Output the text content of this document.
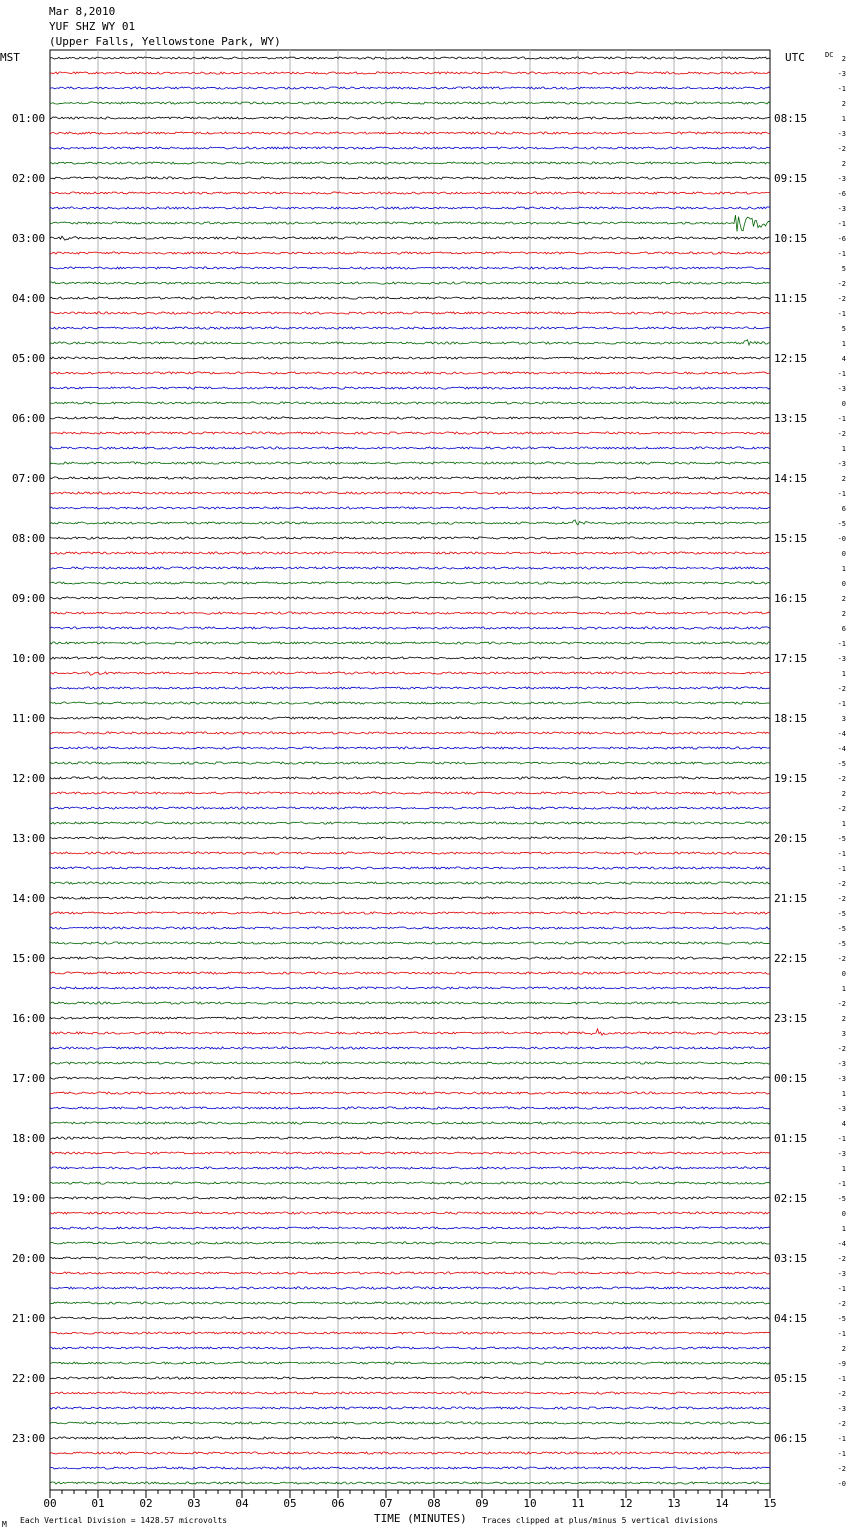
Mar 8,2010
YUF SHZ WY 01
(Upper Falls, Yellowstone Park, WY)
01:00
02:00
03:00
04:00
05:00
06:00
07:00
08:00
09:00
10:00
11:00
12:00
13:00
14:00
15:00
16:00
17:00
18:00
19:00
20:00
21:00
22:00
23:00
08:15
09:15
10:15
11:15
12:15
13:15
14:15
15:15
16:15
17:15
18:15
19:15
20:15
21:15
22:15
23:15
00:15
01:15
02:15
03:15
04:15
05:15
06:15
2
-3
-1
2
1
-3
-2
2
-3
-6
-3
-1
-6
-1
5
-2
-2
-1
5
1
4
-1
-3
0
-1
-2
1
-3
2
-1
6
-5
-0
0
1
0
2
2
6
-1
-3
1
-2
-1
3
-4
-4
-5
-2
2
-2
1
-5
-1
-1
-2
-2
-5
-5
-5
-2
0
1
-2
2
3
-2
-3
-3
1
-3
4
-1
-3
1
-1
-5
0
1
-4
-2
-3
-1
-2
-5
-1
2
-9
-1
-2
-3
-2
-1
-1
-2
-0
00	01	02	03	04	05	06	07	08	09	10	11	12	13	14	15
MST	UTC	DC
TIME (MINUTES)
Each Vertical Division = 1428.57 microvolts	Traces clipped at plus/minus 5 vertical divisions
M
